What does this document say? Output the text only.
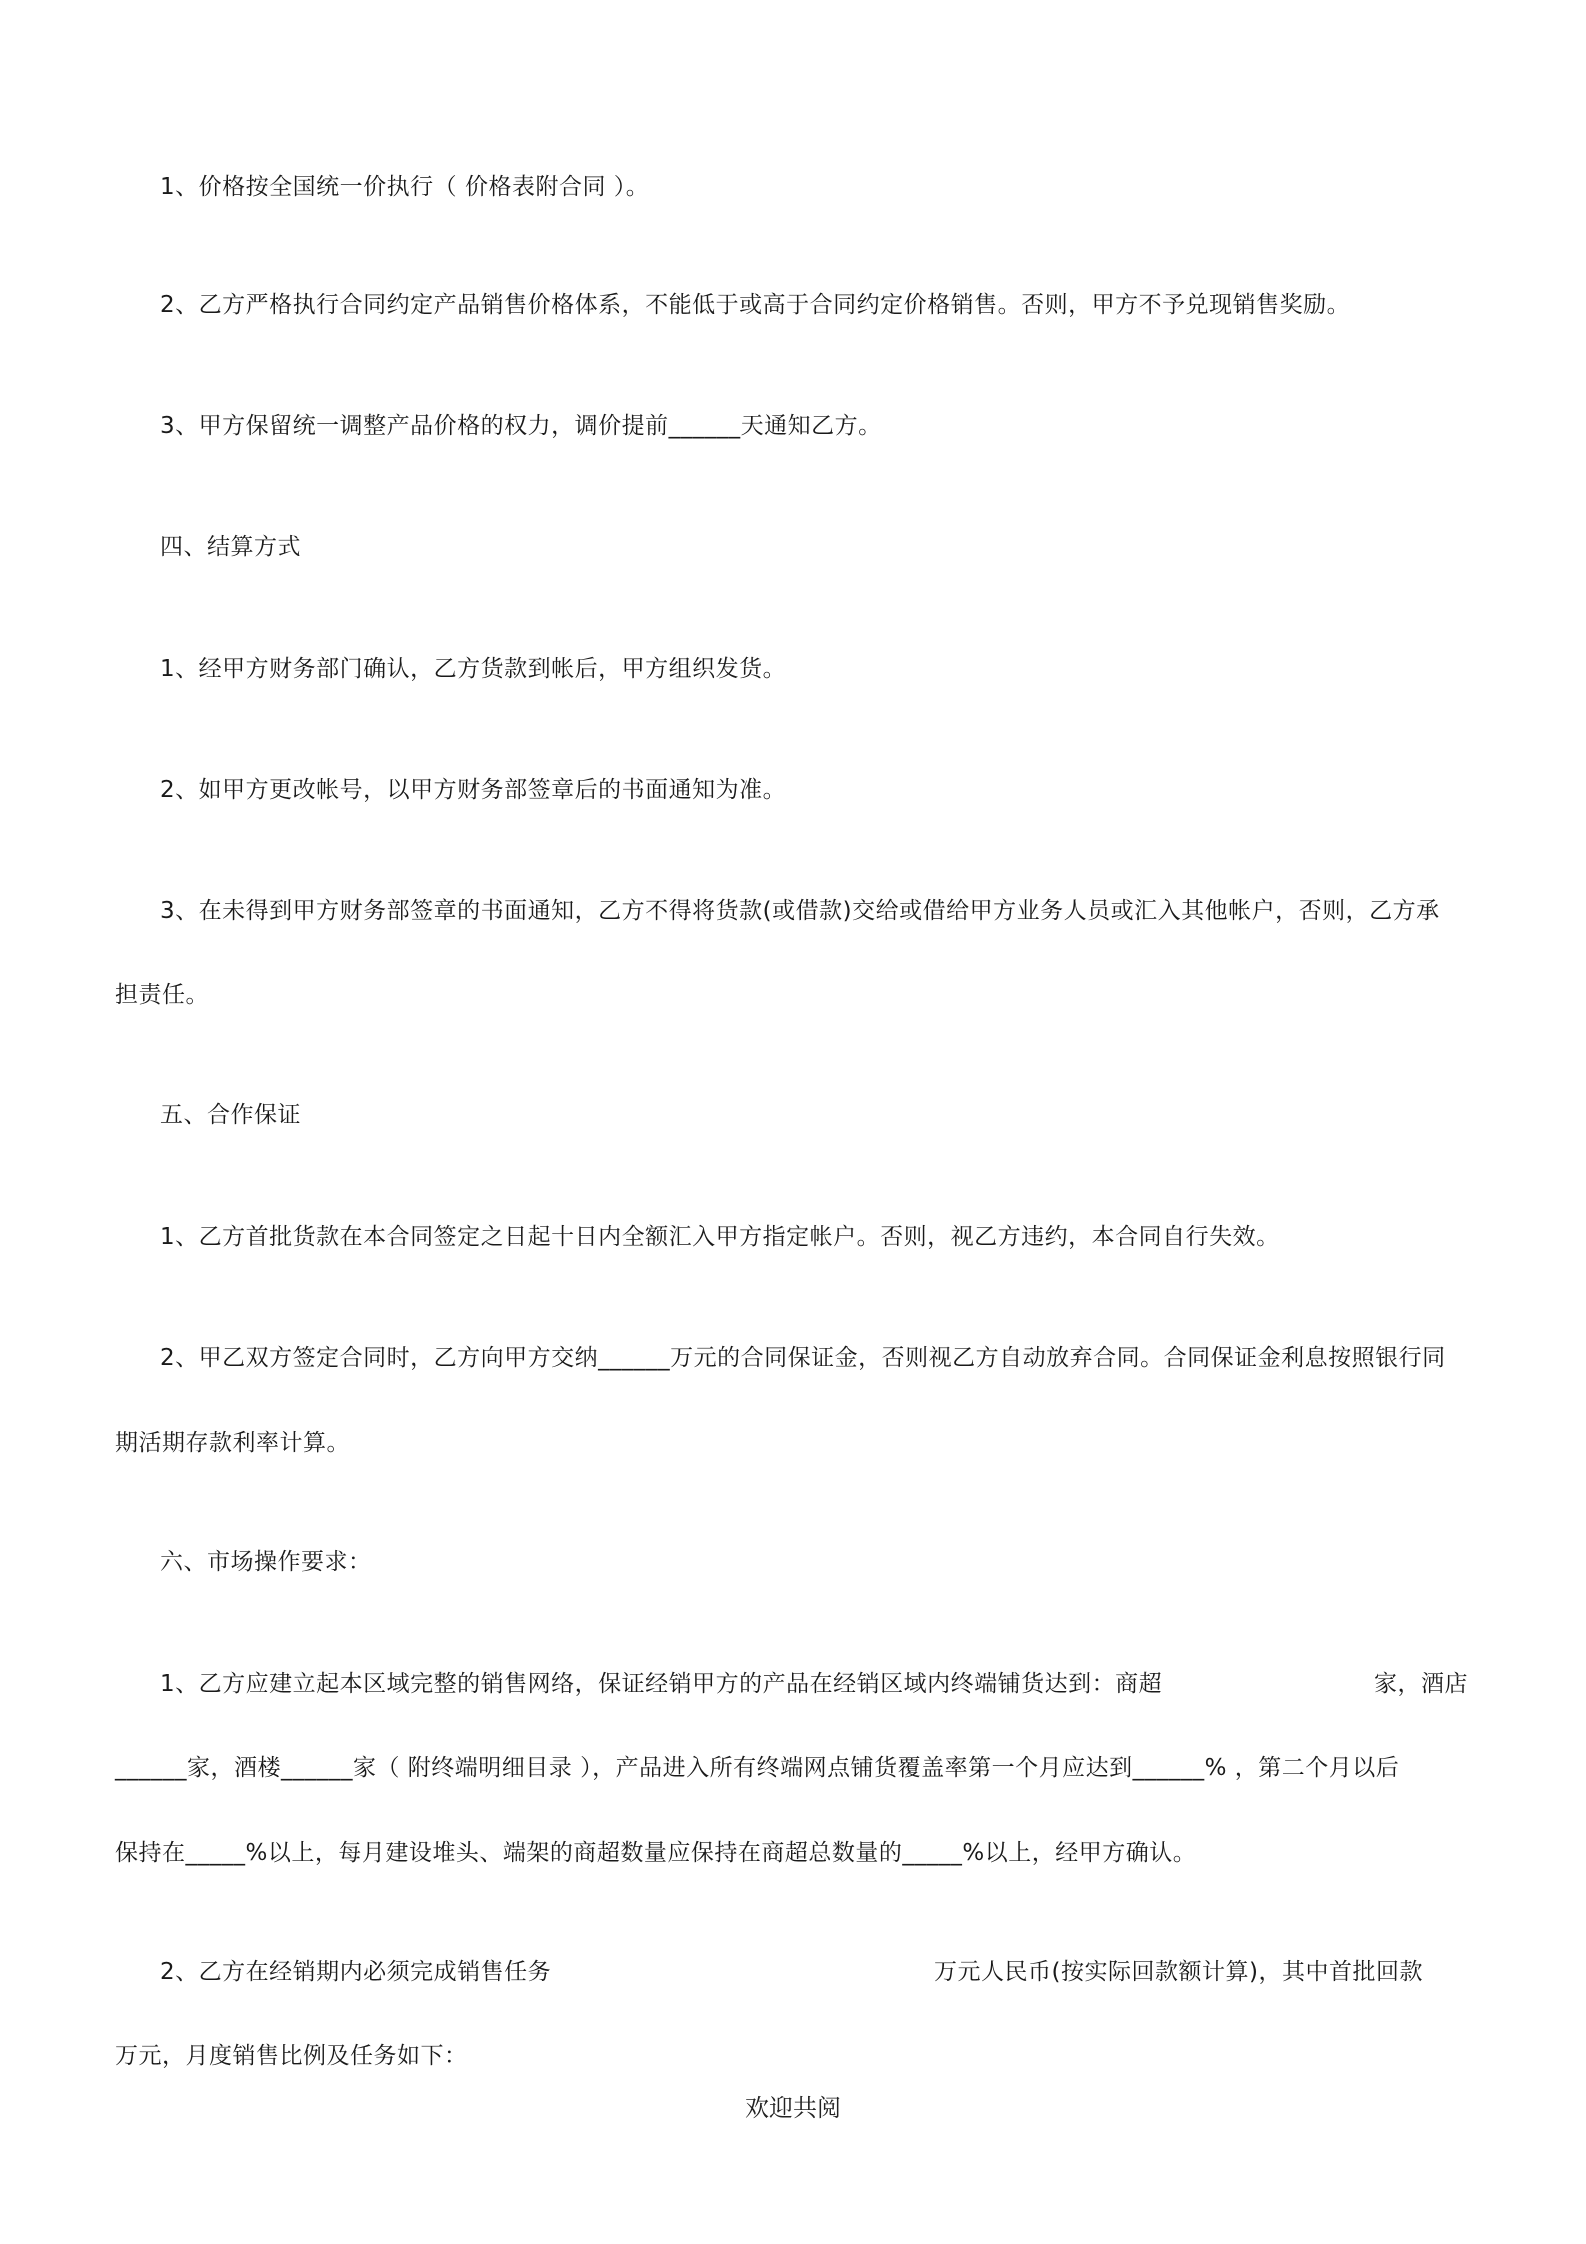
1、价格按全国统一价执行（ 价格表附合同 ）。
2、乙方严格执行合同约定产品销售价格体系，不能低于或高于合同约定价格销售。否则，甲方不予兑现销售奖励。
3、甲方保留统一调整产品价格的权力，调价提前______天通知乙方。
四、结算方式
1、经甲方财务部门确认，乙方货款到帐后，甲方组织发货。
2、如甲方更改帐号，以甲方财务部签章后的书面通知为准。
3、在未得到甲方财务部签章的书面通知，乙方不得将货款(或借款)交给或借给甲方业务人员或汇入其他帐户，否则，乙方承
担责任。
五、合作保证
1、乙方首批货款在本合同签定之日起十日内全额汇入甲方指定帐户。否则，视乙方违约，本合同自行失效。
2、甲乙双方签定合同时，乙方向甲方交纳______万元的合同保证金，否则视乙方自动放弃合同。合同保证金利息按照银行同
期活期存款利率计算。
六、市场操作要求：
1、乙方应建立起本区域完整的销售网络，保证经销甲方的产品在经销区域内终端铺货达到：商超	家，酒店
______家，酒楼______家（ 附终端明细目录 ），产品进入所有终端网点铺货覆盖率第一个月应达到______% ，第二个月以后
保持在_____%以上，每月建设堆头、端架的商超数量应保持在商超总数量的_____%以上，经甲方确认。
2、乙方在经销期内必须完成销售任务	万元人民币(按实际回款额计算)，其中首批回款
万元，月度销售比例及任务如下：
欢迎共阅
